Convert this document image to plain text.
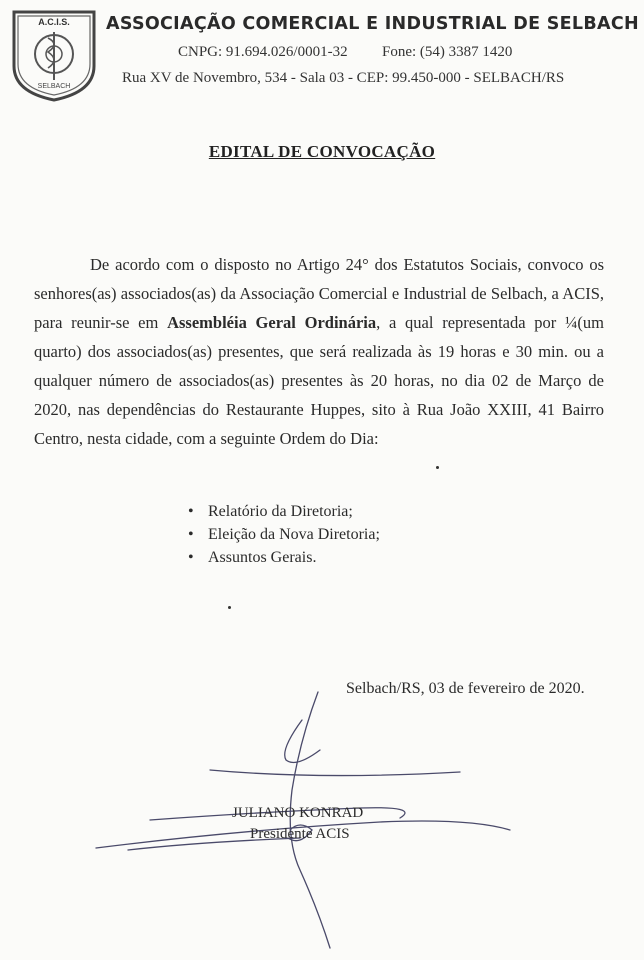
A.C.I.S.
SELBACH
ASSOCIAÇÃO COMERCIAL E INDUSTRIAL DE SELBACH
CNPG: 91.694.026/0001-32 Fone: (54) 3387 1420
Rua XV de Novembro, 534 - Sala 03 - CEP: 99.450-000 - SELBACH/RS
EDITAL DE CONVOCAÇÃO
De acordo com o disposto no Artigo 24° dos Estatutos Sociais, convoco os senhores(as) associados(as) da Associação Comercial e Industrial de Selbach, a ACIS, para reunir-se em Assembléia Geral Ordinária, a qual representada por ¼(um quarto) dos associados(as) presentes, que será realizada às 19 horas e 30 min. ou a qualquer número de associados(as) presentes às 20 horas, no dia 02 de Março de 2020, nas dependências do Restaurante Huppes, sito à Rua João XXIII, 41 Bairro Centro, nesta cidade, com a seguinte Ordem do Dia:
• Relatório da Diretoria;
• Eleição da Nova Diretoria;
• Assuntos Gerais.
Selbach/RS, 03 de fevereiro de 2020.
JULIANO KONRAD
Presidente ACIS
